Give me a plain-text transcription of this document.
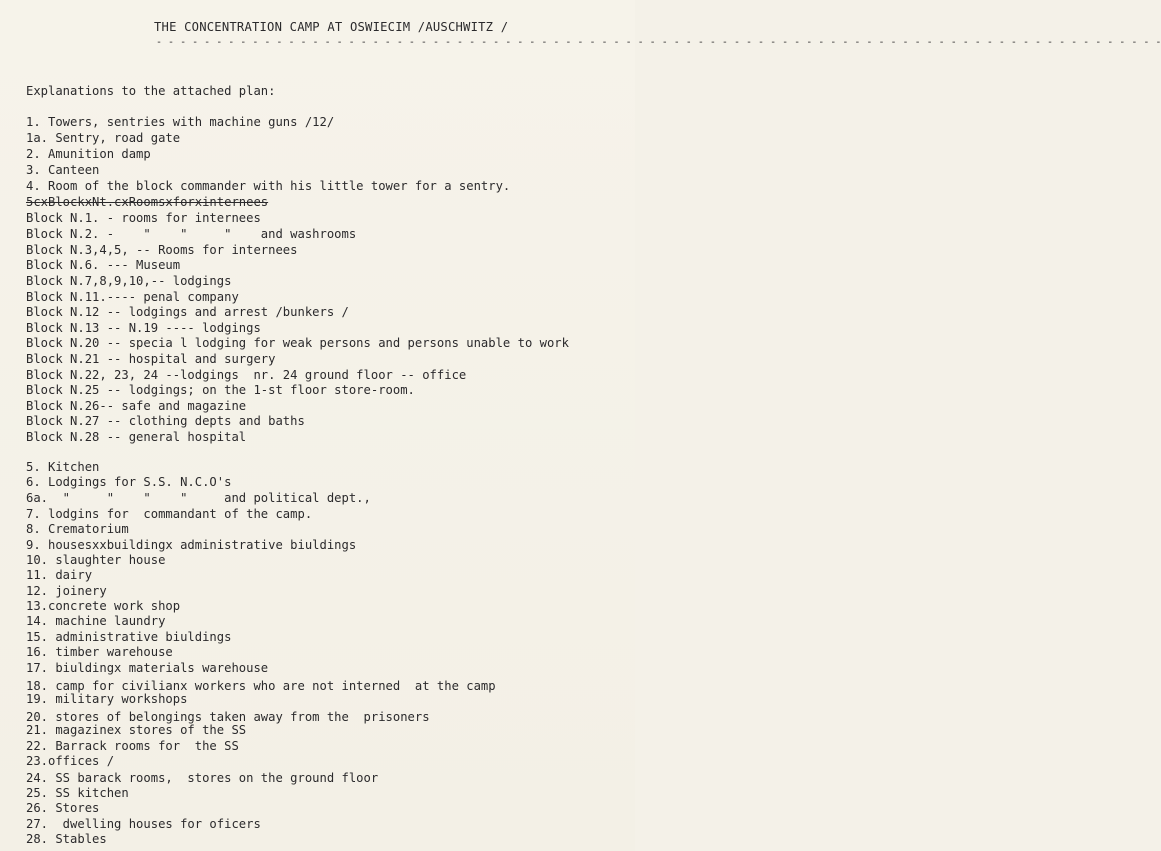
THE CONCENTRATION CAMP AT OSWIECIM /AUSCHWITZ /
- - - - - - - - - - - - - - - - - - - - - - - - - - - - - - - - - - - - - - - - - - - - - - - - - - - - - - - - - - - - - - - - - - - - - - - - - - - - - - - - - - - -
Explanations to the attached plan:
1. Towers, sentries with machine guns /12/
1a. Sentry, road gate
2. Amunition damp
3. Canteen
4. Room of the block commander with his little tower for a sentry.
5cxBlockxNt.cxRoomsxforxinternees
Block N.1. - rooms for internees
Block N.2. -    "    "     "    and washrooms
Block N.3,4,5, -- Rooms for internees
Block N.6. --- Museum
Block N.7,8,9,10,-- lodgings
Block N.11.---- penal company
Block N.12 -- lodgings and arrest /bunkers /
Block N.13 -- N.19 ---- lodgings
Block N.20 -- specia l lodging for weak persons and persons unable to work
Block N.21 -- hospital and surgery
Block N.22, 23, 24 --lodgings  nr. 24 ground floor -- office
Block N.25 -- lodgings; on the 1-st floor store-room.
Block N.26-- safe and magazine
Block N.27 -- clothing depts and baths
Block N.28 -- general hospital
5. Kitchen
6. Lodgings for S.S. N.C.O's
6a.  "     "    "    "     and political dept.,
7. lodgins for  commandant of the camp.
8. Crematorium
9. housesxxbuildingx administrative biuldings
10. slaughter house
11. dairy
12. joinery
13.concrete work shop
14. machine laundry
15. administrative biuldings
16. timber warehouse
17. biuldingx materials warehouse
18. camp for civilianx workers who are not interned  at the camp
19. military workshops
20. stores of belongings taken away from the  prisoners
21. magazinex stores of the SS
22. Barrack rooms for  the SS
23.offices /
24. SS barack rooms,  stores on the ground floor
25. SS kitchen
26. Stores
27.  dwelling houses for oficers
28. Stables
